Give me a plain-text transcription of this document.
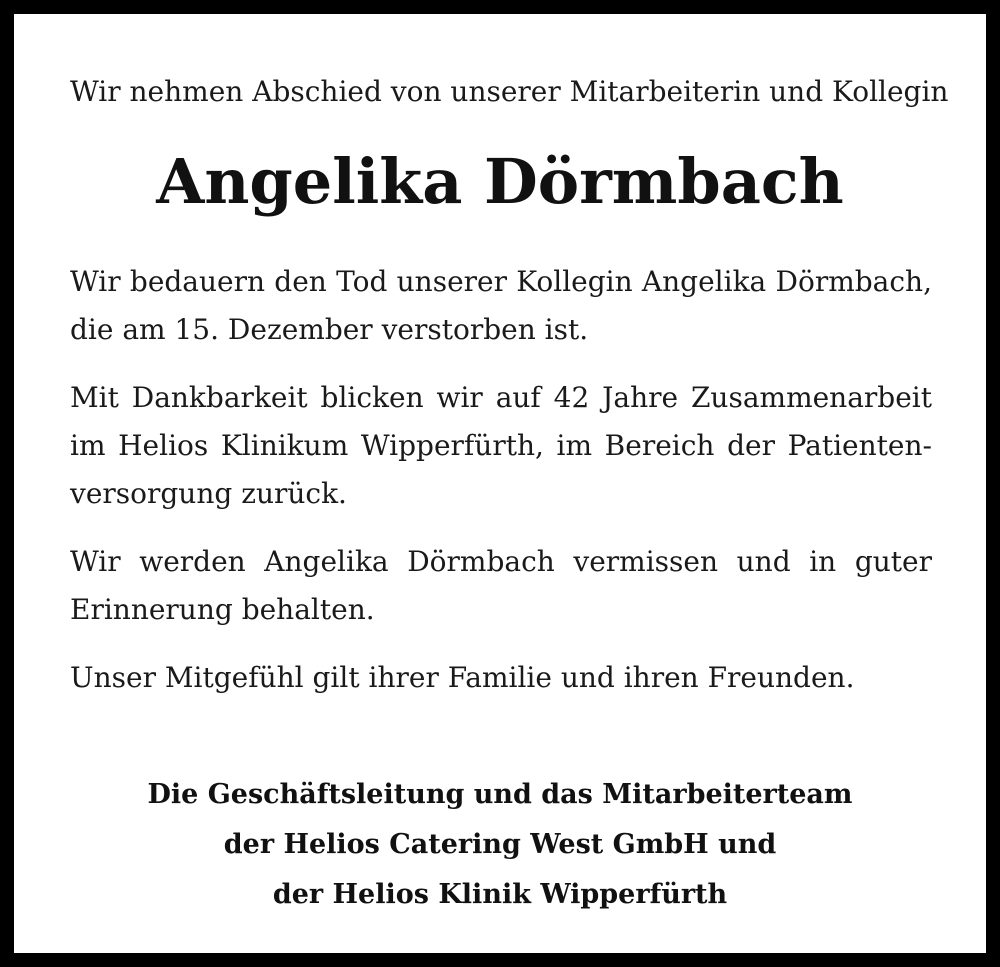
Wir nehmen Abschied von unserer Mitarbeiterin und Kollegin
Angelika Dörmbach

Wir bedauern den Tod unserer Kollegin Angelika Dörmbach, die am 15. Dezember verstorben ist.

Mit Dankbarkeit blicken wir auf 42 Jahre Zusammenarbeit im Helios Klinikum Wipperfürth, im Bereich der Patientenversorgung zurück.

Wir werden Angelika Dörmbach vermissen und in guter Erinnerung behalten.

Unser Mitgefühl gilt ihrer Familie und ihren Freunden.

Die Geschäftsleitung und das Mitarbeiterteam
der Helios Catering West GmbH und
der Helios Klinik Wipperfürth
